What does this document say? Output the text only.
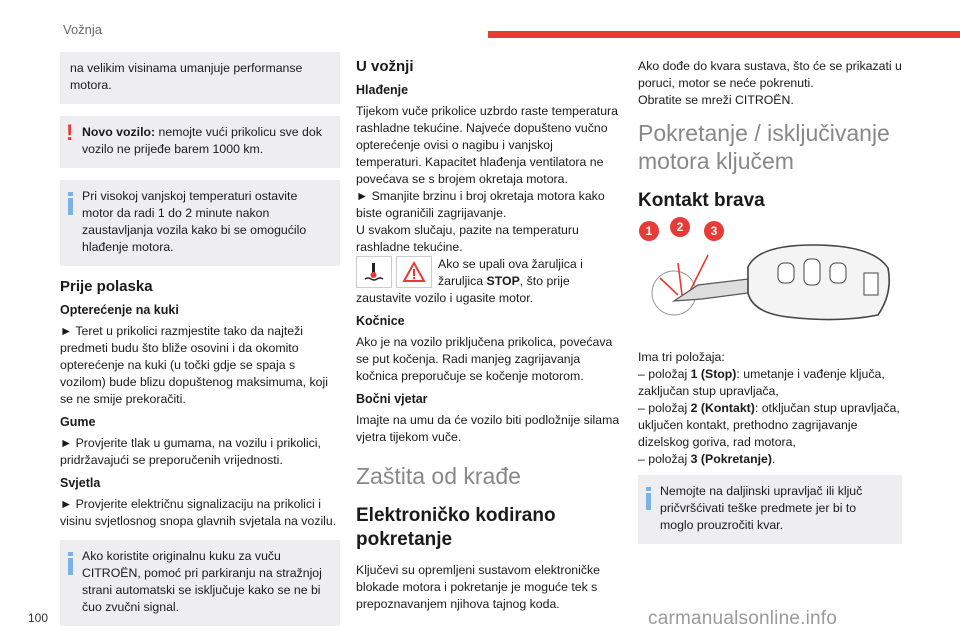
Vožnja
na velikim visinama umanjuje performanse motora.
! Novo vozilo: nemojte vući prikolicu sve dok vozilo ne prijeđe barem 1000 km.
Pri visokoj vanjskoj temperaturi ostavite motor da radi 1 do 2 minute nakon zaustavljanja vozila kako bi se omogućilo hlađenje motora.
Prije polaska
Opterećenje na kuki

► Teret u prikolici razmjestite tako da najteži predmeti budu što bliže osovini i da okomito opterećenje na kuki (u točki gdje se spaja s vozilom) bude blizu dopuštenog maksimuma, koji se ne smije prekoračiti.

Gume

► Provjerite tlak u gumama, na vozilu i prikolici, pridržavajući se preporučenih vrijednosti.

Svjetla

► Provjerite električnu signalizaciju na prikolici i visinu svjetlosnog snopa glavnih svjetala na vozilu.

Ako koristite originalnu kuku za vuču CITROËN, pomoć pri parkiranju na stražnjoj strani automatski se isključuje kako se ne bi čuo zvučni signal.
U vožnji
Hlađenje

Tijekom vuče prikolice uzbrdo raste temperatura rashladne tekućine. Najveće dopušteno vučno opterećenje ovisi o nagibu i vanjskoj temperaturi. Kapacitet hlađenja ventilatora ne povećava se s brojem okretaja motora.
► Smanjite brzinu i broj okretaja motora kako biste ograničili zagrijavanje.
U svakom slučaju, pazite na temperaturu rashladne tekućine.

Ako se upali ova žaruljica i žaruljica STOP, što prije zaustavite vozilo i ugasite motor.

Kočnice

Ako je na vozilo priključena prikolica, povećava se put kočenja. Radi manjeg zagrijavanja kočnica preporučuje se kočenje motorom.

Bočni vjetar

Imajte na umu da će vozilo biti podložnije silama vjetra tijekom vuče.

Zaštita od krađe
Elektroničko kodirano pokretanje

Ključevi su opremljeni sustavom elektroničke blokade motora i pokretanje je moguće tek s prepoznavanjem njihova tajnog koda.

Ako dođe do kvara sustava, što će se prikazati u poruci, motor se neće pokrenuti.
Obratite se mreži CITROËN.

Pokretanje / isključivanje motora ključem
Kontakt brava
1	2	3

Ima tri položaja:
– položaj 1 (Stop): umetanje i vađenje ključa, zaključan stup upravljača,
– položaj 2 (Kontakt): otključan stup upravljača, uključen kontakt, prethodno zagrijavanje dizelskog goriva, rad motora,
– položaj 3 (Pokretanje).

Nemojte na daljinski upravljač ili ključ pričvršćivati teške predmete jer bi to moglo prouzročiti kvar.
100	carmanualsonline.info
